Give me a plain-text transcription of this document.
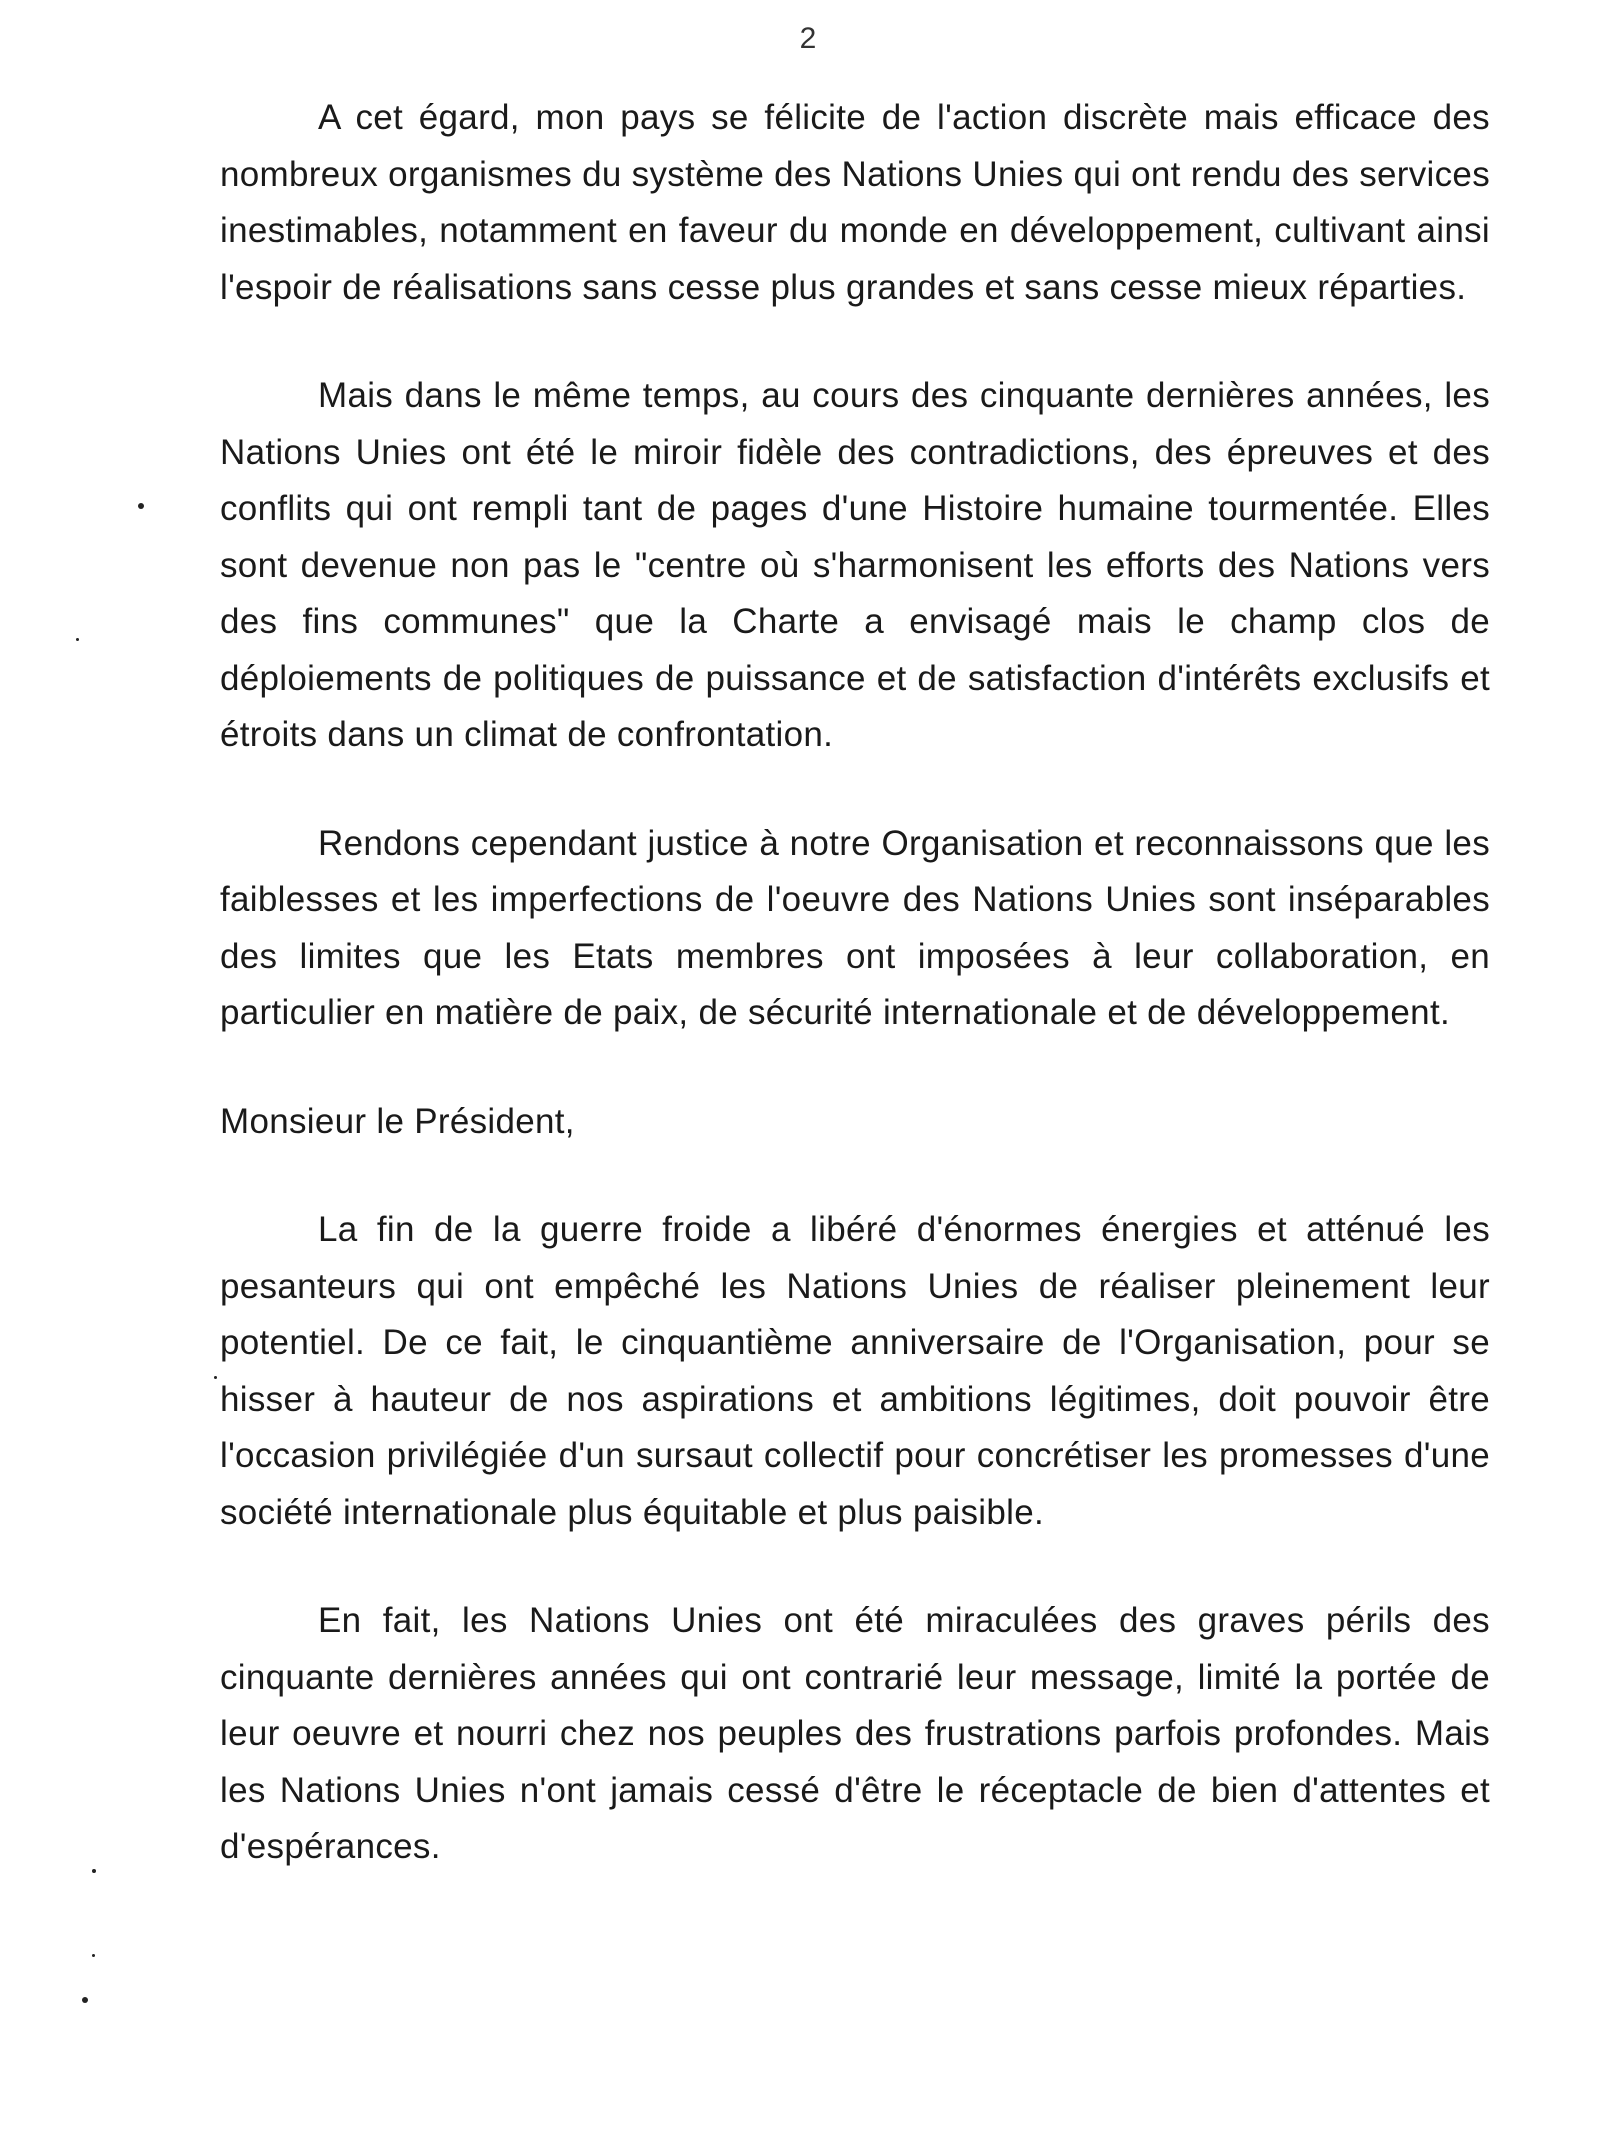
2

A cet égard, mon pays se félicite de l'action discrète mais efficace des nombreux organismes du système des Nations Unies qui ont rendu des services inestimables, notamment en faveur du monde en développement, cultivant ainsi l'espoir de réalisations sans cesse plus grandes et sans cesse mieux réparties.

Mais dans le même temps, au cours des cinquante dernières années, les Nations Unies ont été le miroir fidèle des contradictions, des épreuves et des conflits qui ont rempli tant de pages d'une Histoire humaine tourmentée. Elles sont devenue non pas le "centre où s'harmonisent les efforts des Nations vers des fins communes" que la Charte a envisagé mais le champ clos de déploiements de politiques de puissance et de satisfaction d'intérêts exclusifs et étroits dans un climat de confrontation.

Rendons cependant justice à notre Organisation et reconnaissons que les faiblesses et les imperfections de l'oeuvre des Nations Unies sont inséparables des limites que les Etats membres ont imposées à leur collaboration, en particulier en matière de paix, de sécurité internationale et de développement.

Monsieur le Président,

La fin de la guerre froide a libéré d'énormes énergies et atténué les pesanteurs qui ont empêché les Nations Unies de réaliser pleinement leur potentiel. De ce fait, le cinquantième anniversaire de l'Organisation, pour se hisser à hauteur de nos aspirations et ambitions légitimes, doit pouvoir être l'occasion privilégiée d'un sursaut collectif pour concrétiser les promesses d'une société internationale plus équitable et plus paisible.

En fait, les Nations Unies ont été miraculées des graves périls des cinquante dernières années qui ont contrarié leur message, limité la portée de leur oeuvre et nourri chez nos peuples des frustrations parfois profondes. Mais les Nations Unies n'ont jamais cessé d'être le réceptacle de bien d'attentes et d'espérances.
